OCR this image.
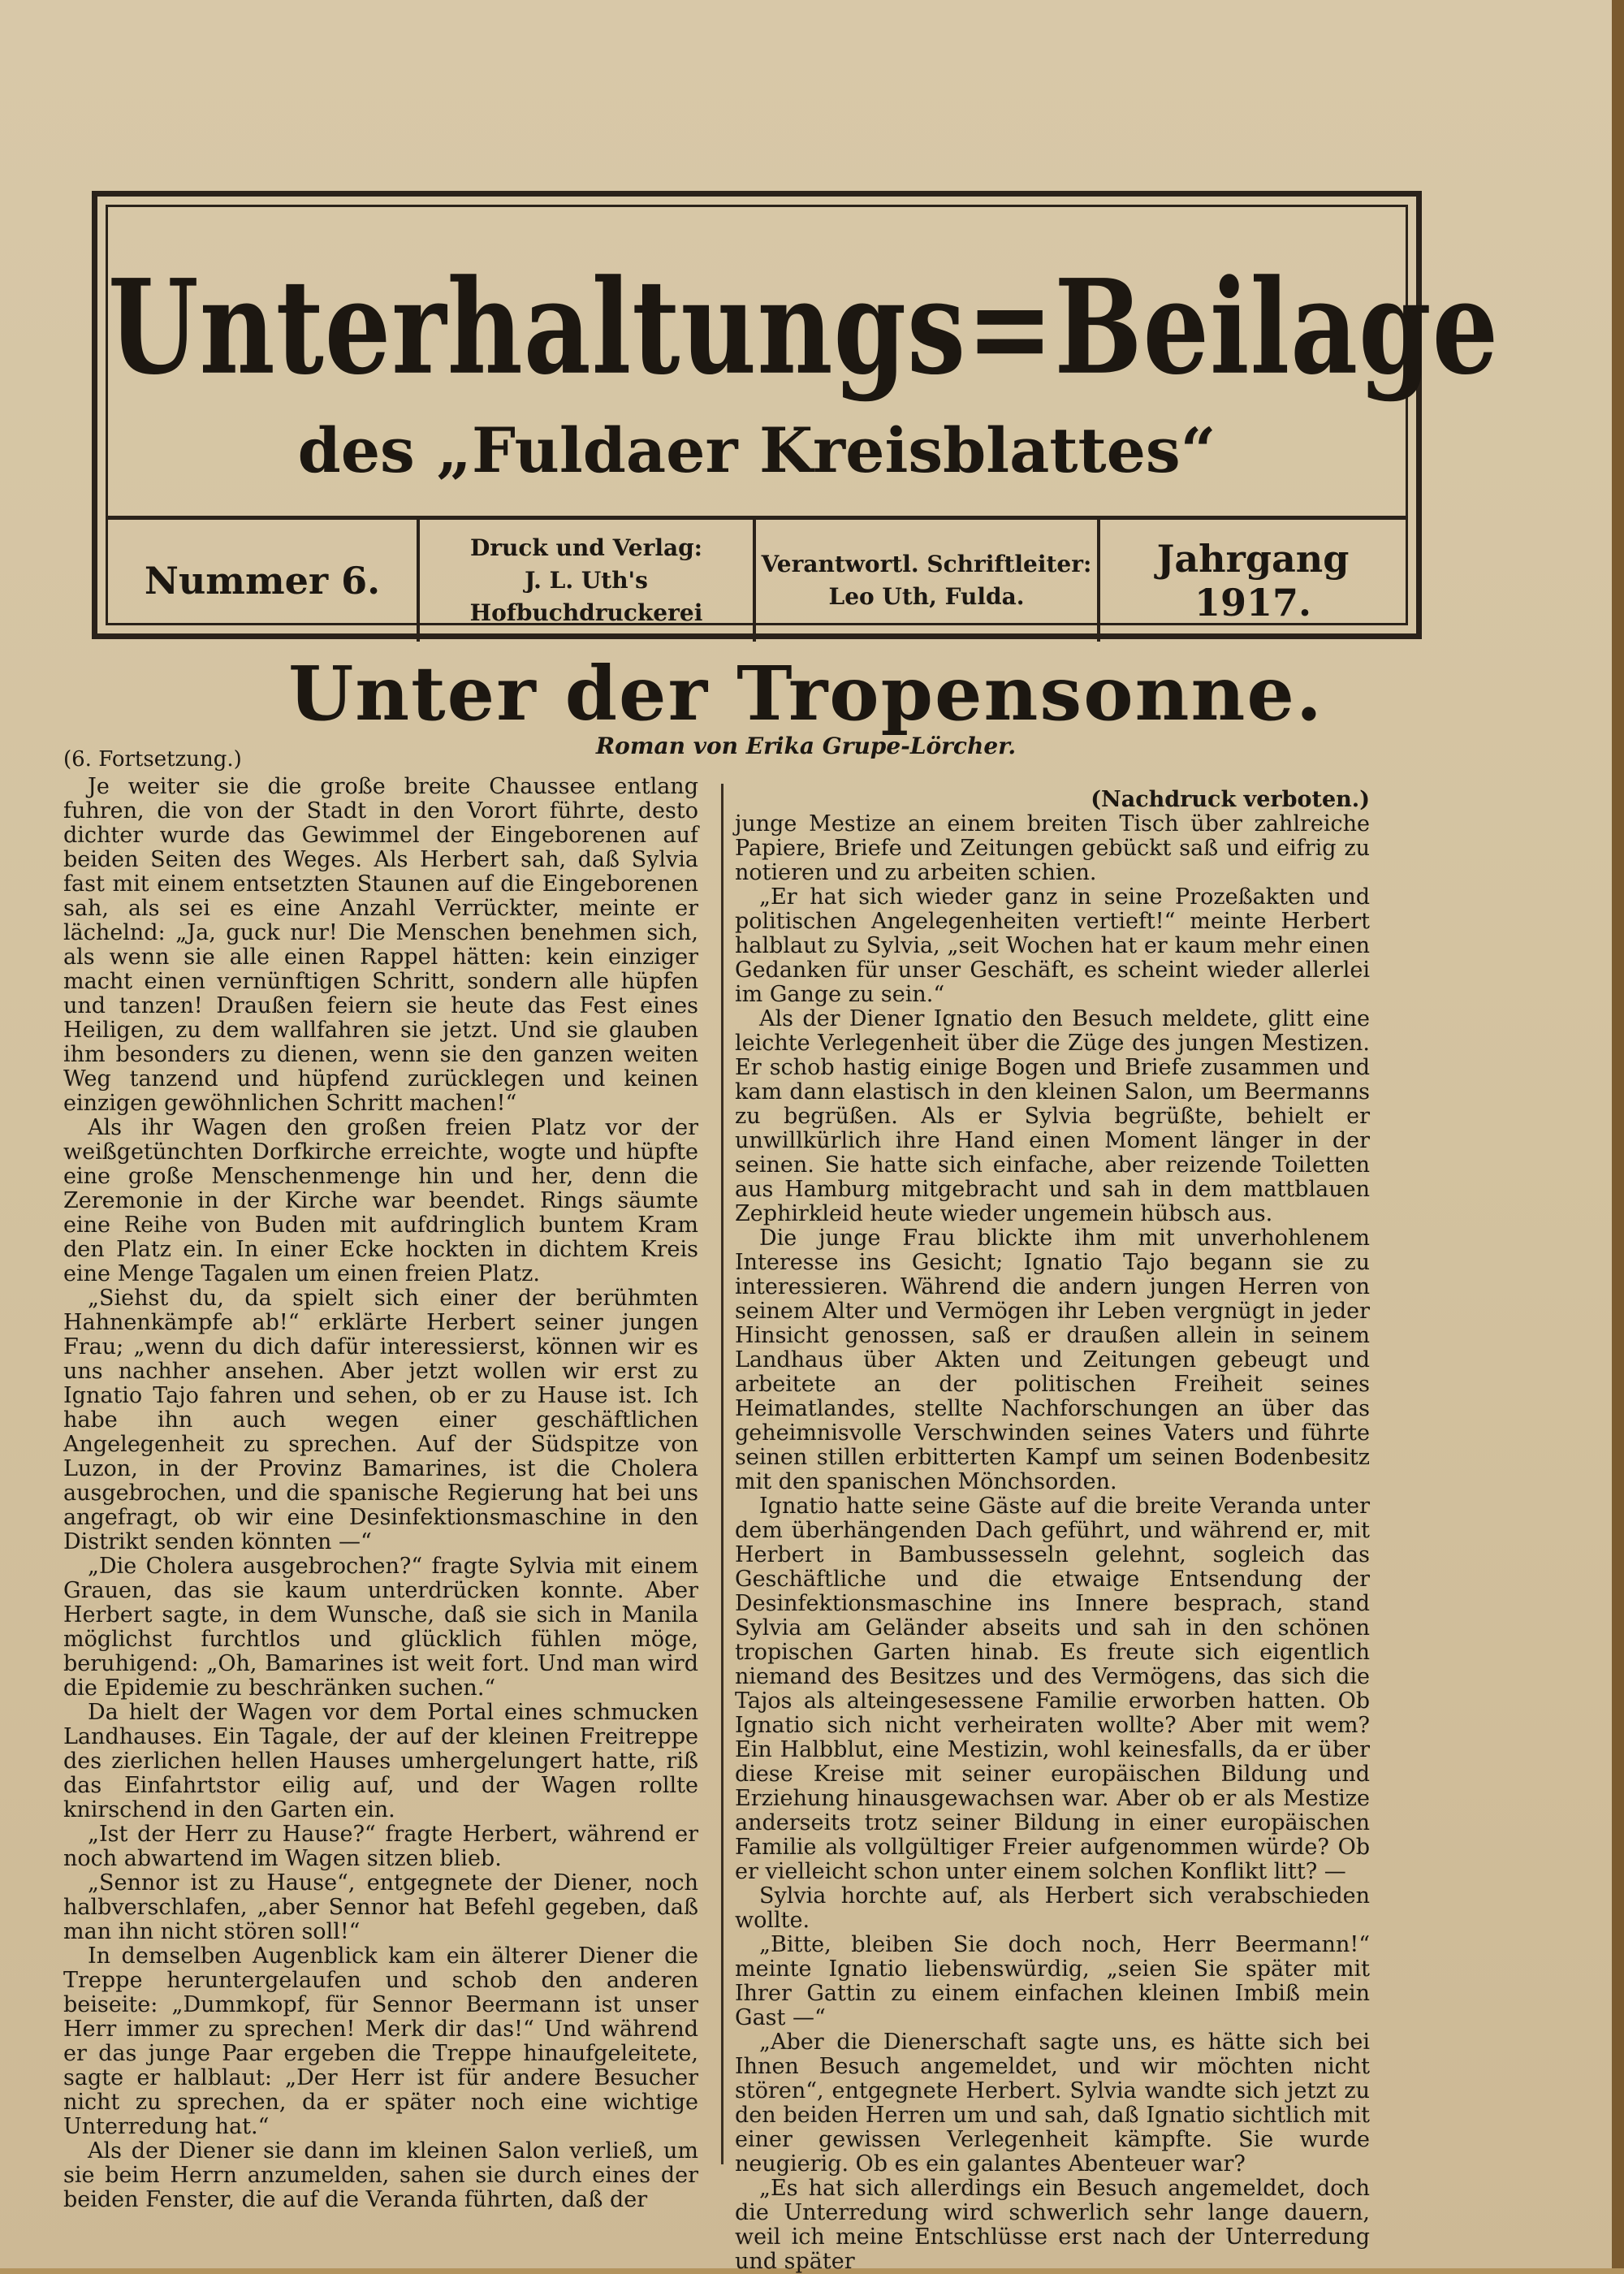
Unterhaltungs=Beilage
des „Fuldaer Kreisblattes“
Nummer 6.
Druck und Verlag:
J. L. Uth's Hofbuchdruckerei
Verantwortl. Schriftleiter:
Leo Uth, Fulda.
Jahrgang 1917.
Unter der Tropensonne.
Roman von Erika Grupe-Lörcher.
(6. Fortsetzung.)

Je weiter sie die große breite Chaussee entlang fuhren, die von der Stadt in den Vorort führte, desto dichter wurde das Gewimmel der Eingeborenen auf beiden Seiten des Weges. Als Herbert sah, daß Sylvia fast mit einem entsetzten Staunen auf die Eingeborenen sah, als sei es eine Anzahl Verrückter, meinte er lächelnd: „Ja, guck nur! Die Menschen benehmen sich, als wenn sie alle einen Rappel hätten: kein einziger macht einen vernünftigen Schritt, sondern alle hüpfen und tanzen! Draußen feiern sie heute das Fest eines Heiligen, zu dem wallfahren sie jetzt. Und sie glauben ihm besonders zu dienen, wenn sie den ganzen weiten Weg tanzend und hüpfend zurücklegen und keinen einzigen gewöhnlichen Schritt machen!“

Als ihr Wagen den großen freien Platz vor der weißgetünchten Dorfkirche erreichte, wogte und hüpfte eine große Menschenmenge hin und her, denn die Zeremonie in der Kirche war beendet. Rings säumte eine Reihe von Buden mit aufdringlich buntem Kram den Platz ein. In einer Ecke hockten in dichtem Kreis eine Menge Tagalen um einen freien Platz.

„Siehst du, da spielt sich einer der berühmten Hahnenkämpfe ab!“ erklärte Herbert seiner jungen Frau; „wenn du dich dafür interessierst, können wir es uns nachher ansehen. Aber jetzt wollen wir erst zu Ignatio Tajo fahren und sehen, ob er zu Hause ist. Ich habe ihn auch wegen einer geschäftlichen Angelegenheit zu sprechen. Auf der Südspitze von Luzon, in der Provinz Bamarines, ist die Cholera ausgebrochen, und die spanische Regierung hat bei uns angefragt, ob wir eine Desinfektionsmaschine in den Distrikt senden könnten —“

„Die Cholera ausgebrochen?“ fragte Sylvia mit einem Grauen, das sie kaum unterdrücken konnte. Aber Herbert sagte, in dem Wunsche, daß sie sich in Manila möglichst furchtlos und glücklich fühlen möge, beruhigend: „Oh, Bamarines ist weit fort. Und man wird die Epidemie zu beschränken suchen.“

Da hielt der Wagen vor dem Portal eines schmucken Landhauses. Ein Tagale, der auf der kleinen Freitreppe des zierlichen hellen Hauses umhergelungert hatte, riß das Einfahrtstor eilig auf, und der Wagen rollte knirschend in den Garten ein.

„Ist der Herr zu Hause?“ fragte Herbert, während er noch abwartend im Wagen sitzen blieb.

„Sennor ist zu Hause“, entgegnete der Diener, noch halbverschlafen, „aber Sennor hat Befehl gegeben, daß man ihn nicht stören soll!“

In demselben Augenblick kam ein älterer Diener die Treppe heruntergelaufen und schob den anderen beiseite: „Dummkopf, für Sennor Beermann ist unser Herr immer zu sprechen! Merk dir das!“ Und während er das junge Paar ergeben die Treppe hinaufgeleitete, sagte er halblaut: „Der Herr ist für andere Besucher nicht zu sprechen, da er später noch eine wichtige Unterredung hat.“

Als der Diener sie dann im kleinen Salon verließ, um sie beim Herrn anzumelden, sahen sie durch eines der beiden Fenster, die auf die Veranda führten, daß der

(Nachdruck verboten.)

junge Mestize an einem breiten Tisch über zahlreiche Papiere, Briefe und Zeitungen gebückt saß und eifrig zu notieren und zu arbeiten schien.

„Er hat sich wieder ganz in seine Prozeßakten und politischen Angelegenheiten vertieft!“ meinte Herbert halblaut zu Sylvia, „seit Wochen hat er kaum mehr einen Gedanken für unser Geschäft, es scheint wieder allerlei im Gange zu sein.“

Als der Diener Ignatio den Besuch meldete, glitt eine leichte Verlegenheit über die Züge des jungen Mestizen. Er schob hastig einige Bogen und Briefe zusammen und kam dann elastisch in den kleinen Salon, um Beermanns zu begrüßen. Als er Sylvia begrüßte, behielt er unwillkürlich ihre Hand einen Moment länger in der seinen. Sie hatte sich einfache, aber reizende Toiletten aus Hamburg mitgebracht und sah in dem mattblauen Zephirkleid heute wieder ungemein hübsch aus.

Die junge Frau blickte ihm mit unverhohlenem Interesse ins Gesicht; Ignatio Tajo begann sie zu interessieren. Während die andern jungen Herren von seinem Alter und Vermögen ihr Leben vergnügt in jeder Hinsicht genossen, saß er draußen allein in seinem Landhaus über Akten und Zeitungen gebeugt und arbeitete an der politischen Freiheit seines Heimatlandes, stellte Nachforschungen an über das geheimnisvolle Verschwinden seines Vaters und führte seinen stillen erbitterten Kampf um seinen Bodenbesitz mit den spanischen Mönchsorden.

Ignatio hatte seine Gäste auf die breite Veranda unter dem überhängenden Dach geführt, und während er, mit Herbert in Bambussesseln gelehnt, sogleich das Geschäftliche und die etwaige Entsendung der Desinfektionsmaschine ins Innere besprach, stand Sylvia am Geländer abseits und sah in den schönen tropischen Garten hinab. Es freute sich eigentlich niemand des Besitzes und des Vermögens, das sich die Tajos als alteingesessene Familie erworben hatten. Ob Ignatio sich nicht verheiraten wollte? Aber mit wem? Ein Halbblut, eine Mestizin, wohl keinesfalls, da er über diese Kreise mit seiner europäischen Bildung und Erziehung hinausgewachsen war. Aber ob er als Mestize anderseits trotz seiner Bildung in einer europäischen Familie als vollgültiger Freier aufgenommen würde? Ob er vielleicht schon unter einem solchen Konflikt litt? —

Sylvia horchte auf, als Herbert sich verabschieden wollte.

„Bitte, bleiben Sie doch noch, Herr Beermann!“ meinte Ignatio liebenswürdig, „seien Sie später mit Ihrer Gattin zu einem einfachen kleinen Imbiß mein Gast —“

„Aber die Dienerschaft sagte uns, es hätte sich bei Ihnen Besuch angemeldet, und wir möchten nicht stören“, entgegnete Herbert. Sylvia wandte sich jetzt zu den beiden Herren um und sah, daß Ignatio sichtlich mit einer gewissen Verlegenheit kämpfte. Sie wurde neugierig. Ob es ein galantes Abenteuer war?

„Es hat sich allerdings ein Besuch angemeldet, doch die Unterredung wird schwerlich sehr lange dauern, weil ich meine Entschlüsse erst nach der Unterredung und später
